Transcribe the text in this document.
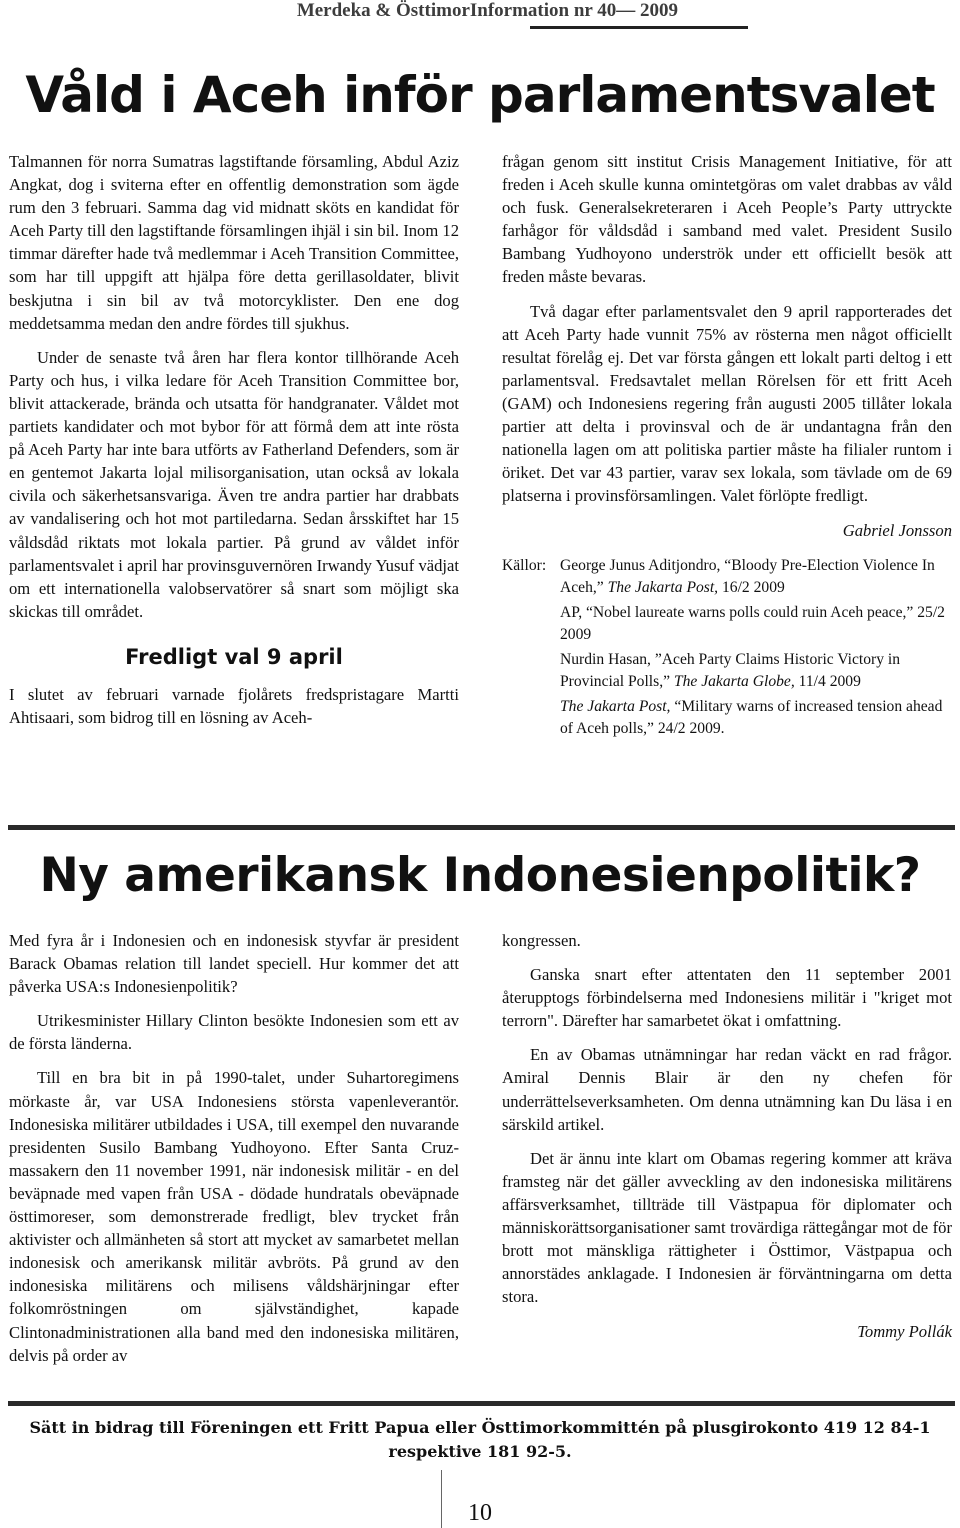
Merdeka & ÖsttimorInformation nr 40— 2009
Våld i Aceh inför parlamentsvalet

Talmannen för norra Sumatras lagstiftande församling, Abdul Aziz Angkat, dog i sviterna efter en offentlig demonstration som ägde rum den 3 februari. Samma dag vid midnatt sköts en kandidat för Aceh Party till den lagstiftande församlingen ihjäl i sin bil. Inom 12 timmar därefter hade två medlemmar i Aceh Transition Committee, som har till uppgift att hjälpa före detta gerillasoldater, blivit beskjutna i sin bil av två motorcyklister. Den ene dog meddetsamma medan den andre fördes till sjukhus.

Under de senaste två åren har flera kontor tillhörande Aceh Party och hus, i vilka ledare för Aceh Transition Committee bor, blivit attackerade, brända och utsatta för handgranater. Våldet mot partiets kandidater och mot bybor för att förmå dem att inte rösta på Aceh Party har inte bara utförts av Fatherland Defenders, som är en gentemot Jakarta lojal milisorganisation, utan också av lokala civila och säkerhetsansvariga. Även tre andra partier har drabbats av vandalisering och hot mot partiledarna. Sedan årsskiftet har 15 våldsdåd riktats mot lokala partier. På grund av våldet inför parlamentsvalet i april har provinsguvernören Irwandy Yusuf vädjat om ett internationella valobservatörer så snart som möjligt ska skickas till området.

Fredligt val 9 april

I slutet av februari varnade fjolårets fredspristagare Martti Ahtisaari, som bidrog till en lösning av Aceh-

frågan genom sitt institut Crisis Management Initiative, för att freden i Aceh skulle kunna omintetgöras om valet drabbas av våld och fusk. Generalsekreteraren i Aceh People’s Party uttryckte farhågor för våldsdåd i samband med valet. President Susilo Bambang Yudhoyono underströk under ett officiellt besök att freden måste bevaras.

Två dagar efter parlamentsvalet den 9 april rapporterades det att Aceh Party hade vunnit 75% av rösterna men något officiellt resultat förelåg ej. Det var första gången ett lokalt parti deltog i ett parlamentsval. Fredsavtalet mellan Rörelsen för ett fritt Aceh (GAM) och Indonesiens regering från augusti 2005 tillåter lokala partier att delta i provinsval och de är undantagna från den nationella lagen om att politiska partier måste ha filialer runtom i öriket. Det var 43 partier, varav sex lokala, som tävlade om de 69 platserna i provinsförsamlingen. Valet förlöpte fredligt.

Gabriel Jonsson
Källor: George Junus Aditjondro, “Bloody Pre-Election Violence In Aceh,” The Jakarta Post, 16/2 2009
AP, “Nobel laureate warns polls could ruin Aceh peace,” 25/2 2009
Nurdin Hasan, ”Aceh Party Claims Historic Victory in Provincial Polls,” The Jakarta Globe, 11/4 2009
The Jakarta Post, “Military warns of increased tension ahead of Aceh polls,” 24/2 2009.
Ny amerikansk Indonesienpolitik?

Med fyra år i Indonesien och en indonesisk styvfar är president Barack Obamas relation till landet speciell. Hur kommer det att påverka USA:s Indonesienpolitik?

Utrikesminister Hillary Clinton besökte Indonesien som ett av de första länderna.

Till en bra bit in på 1990-talet, under Suhartoregimens mörkaste år, var USA Indonesiens största vapenleverantör. Indonesiska militärer utbildades i USA, till exempel den nuvarande presidenten Susilo Bambang Yudhoyono. Efter Santa Cruz-massakern den 11 november 1991, när indonesisk militär - en del beväpnade med vapen från USA - dödade hundratals obeväpnade östtimoreser, som demonstrerade fredligt, blev trycket från aktivister och allmänheten så stort att mycket av samarbetet mellan indonesisk och amerikansk militär avbröts. På grund av den indonesiska militärens och milisens våldshärjningar efter folkomröstningen om självständighet, kapade Clintonadministrationen alla band med den indonesiska militären, delvis på order av

kongressen.

Ganska snart efter attentaten den 11 september 2001 återupptogs förbindelserna med Indonesiens militär i "kriget mot terrorn". Därefter har samarbetet ökat i omfattning.

En av Obamas utnämningar har redan väckt en rad frågor. Amiral Dennis Blair är den ny chefen för underrättelseverksamheten. Om denna utnämning kan Du läsa i en särskild artikel.

Det är ännu inte klart om Obamas regering kommer att kräva framsteg när det gäller avveckling av den indonesiska militärens affärsverksamhet, tillträde till Västpapua för diplomater och människorättsorganisationer samt trovärdiga rättegångar mot de för brott mot mänskliga rättigheter i Östtimor, Västpapua och annorstädes anklagade. I Indonesien är förväntningarna om detta stora.

Tommy Pollák
Sätt in bidrag till Föreningen ett Fritt Papua eller Östtimorkommittén på plusgirokonto 419 12 84-1
respektive 181 92-5.
10
